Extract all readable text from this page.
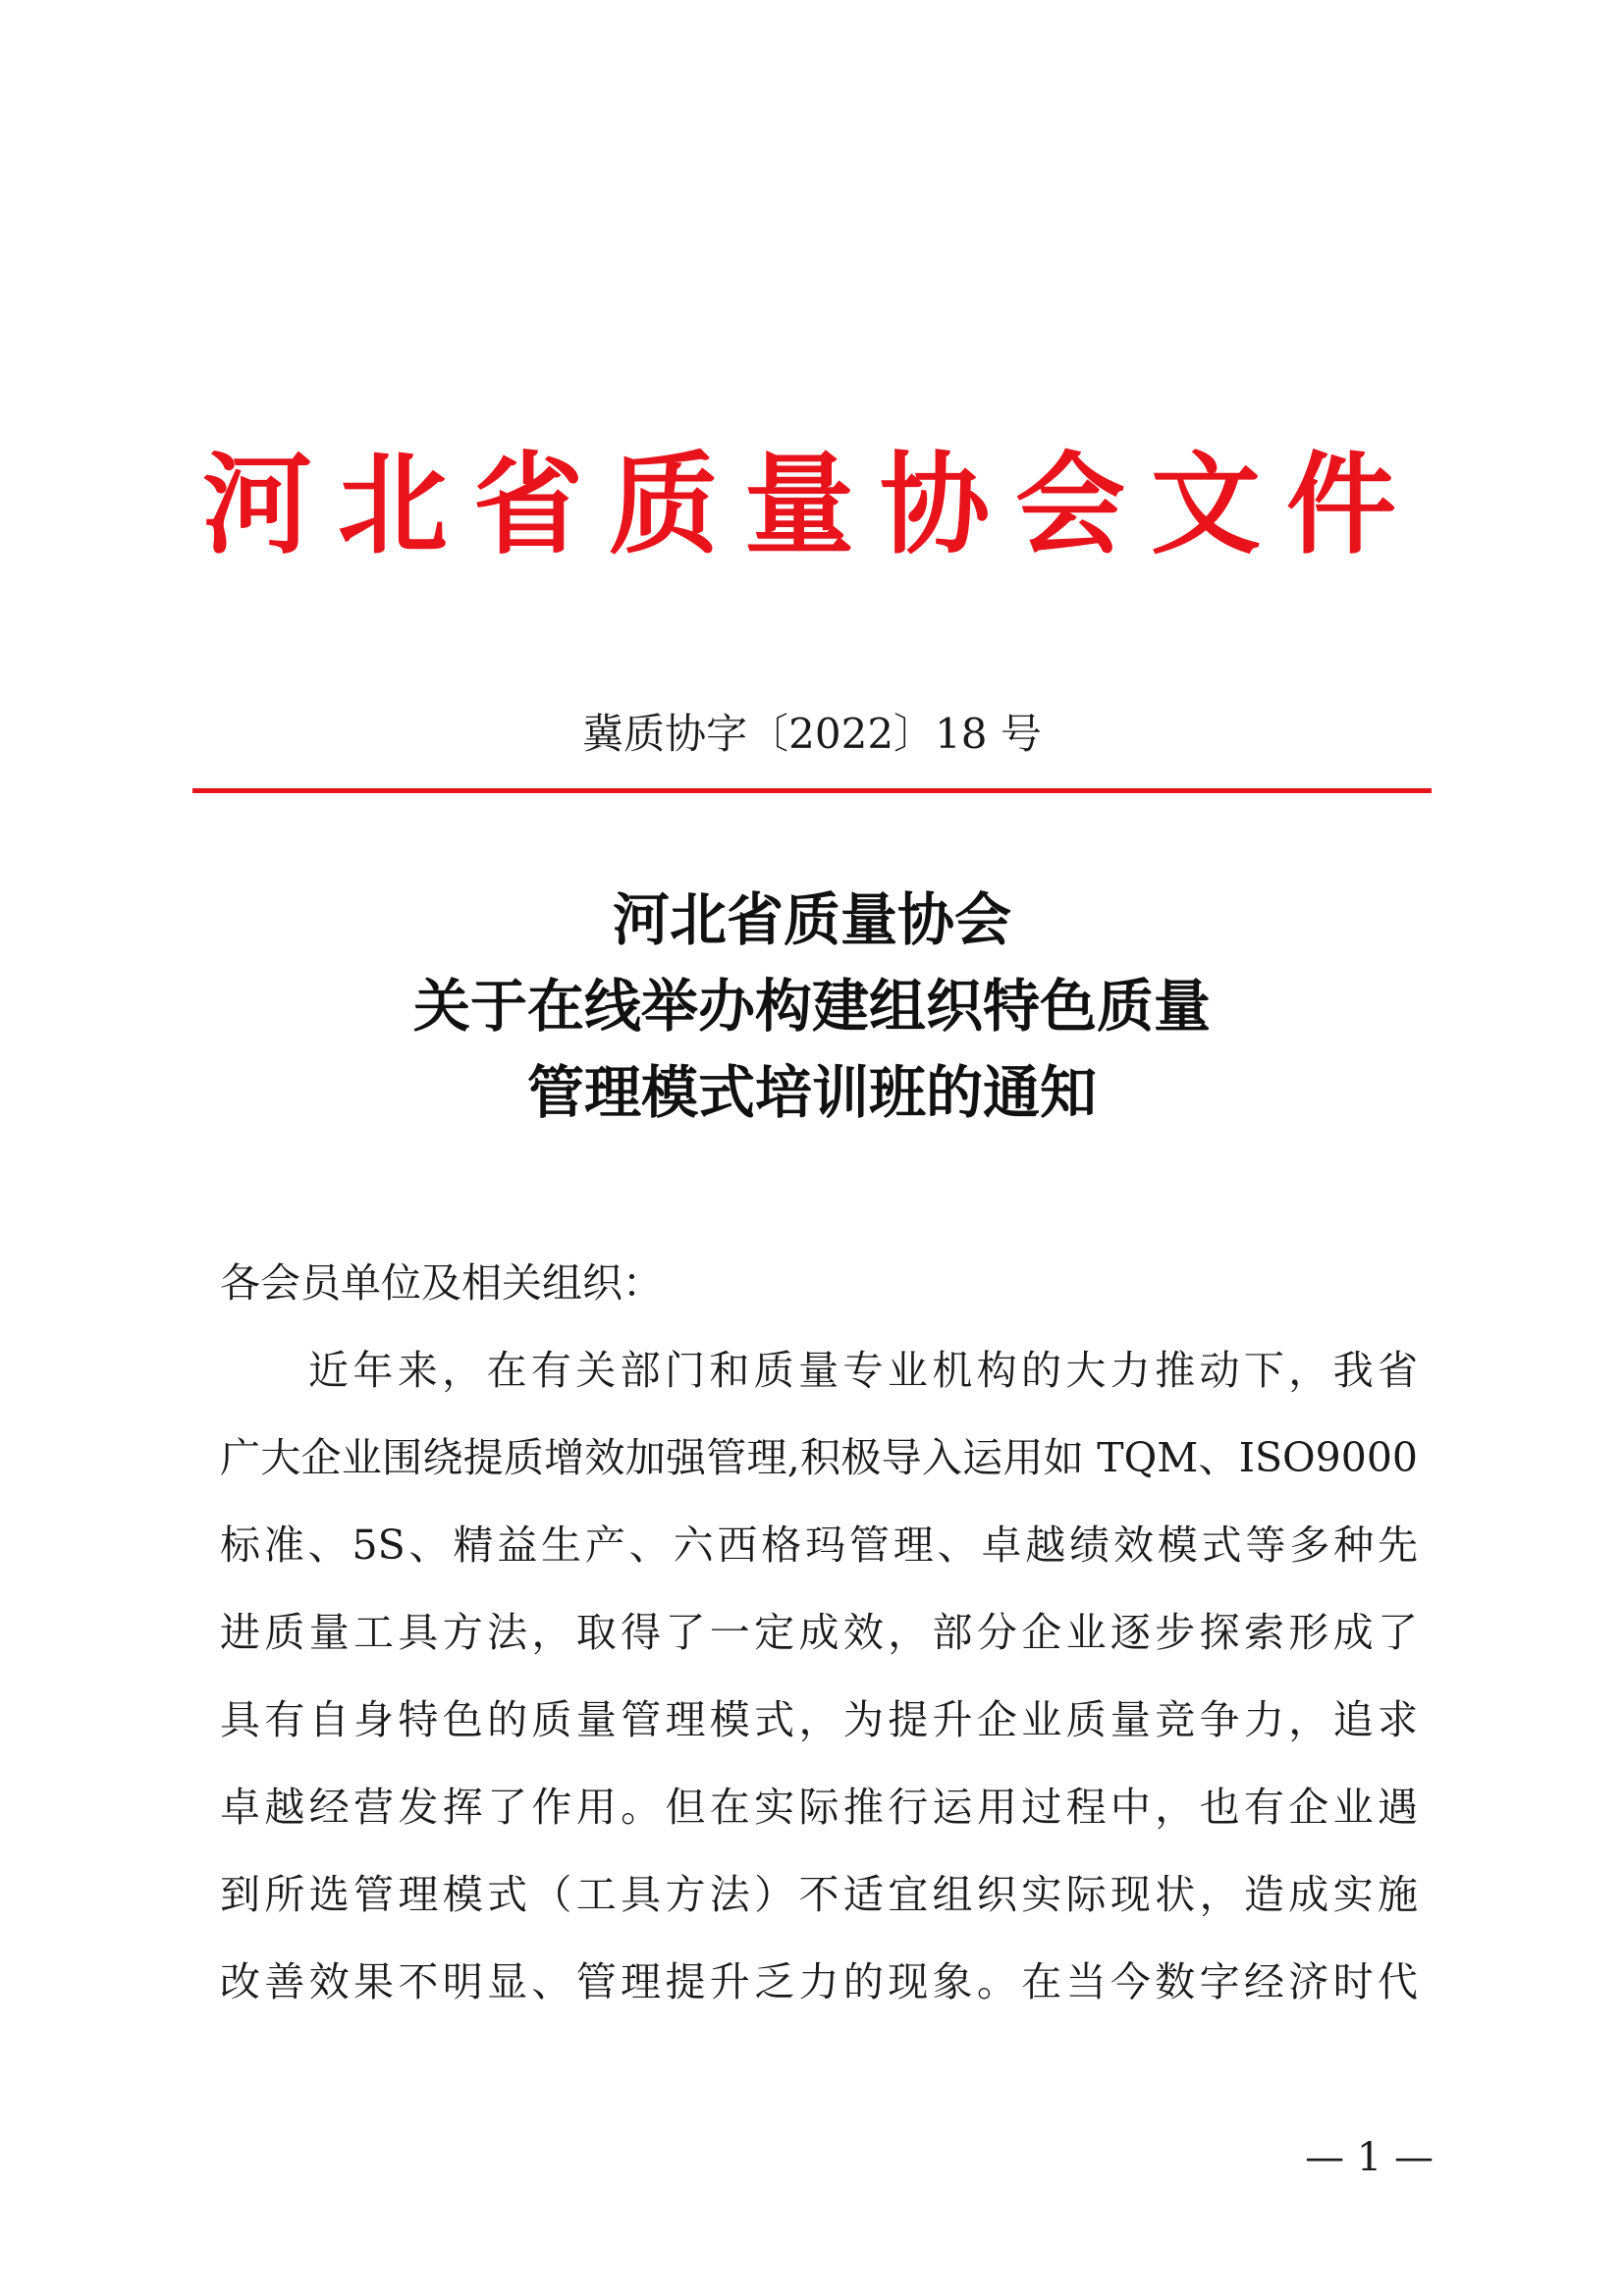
河北省质量协会文件
冀质协字〔2022〕18 号
河北省质量协会
关于在线举办构建组织特色质量
管理模式培训班的通知
各会员单位及相关组织：
近年来，在有关部门和质量专业机构的大力推动下，我省
广大企业围绕提质增效加强管理,积极导入运用如 TQM、ISO9000
标准、5S、精益生产、六西格玛管理、卓越绩效模式等多种先
进质量工具方法，取得了一定成效，部分企业逐步探索形成了
具有自身特色的质量管理模式，为提升企业质量竞争力，追求
卓越经营发挥了作用。但在实际推行运用过程中，也有企业遇
到所选管理模式（工具方法）不适宜组织实际现状，造成实施
改善效果不明显、管理提升乏力的现象。在当今数字经济时代
— 1 —
